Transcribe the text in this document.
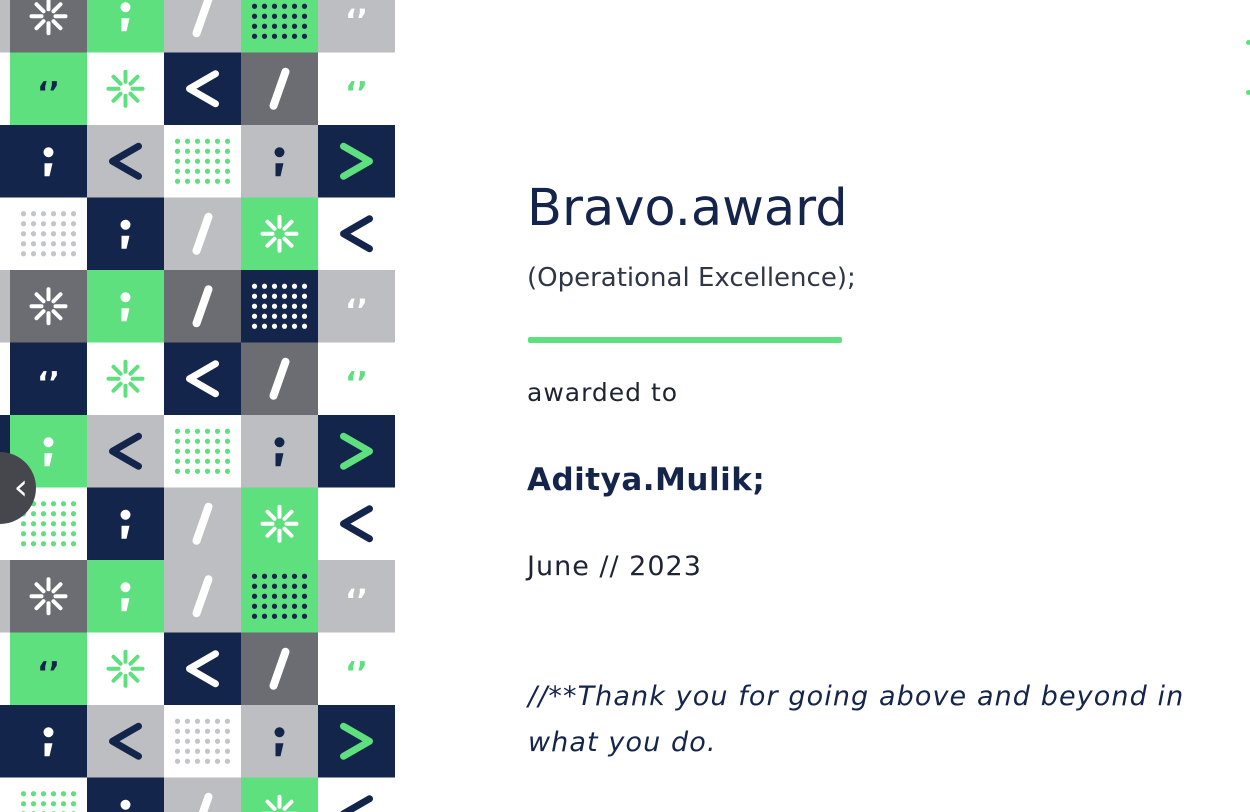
‘’
‘’	‘’
‘’
‘’	‘’
‘’
‘’	‘’
‹
Bravo.award
(Operational Excellence);
awarded to
Aditya.Mulik;
June // 2023
//**Thank you for going above and beyond in
what you do.
